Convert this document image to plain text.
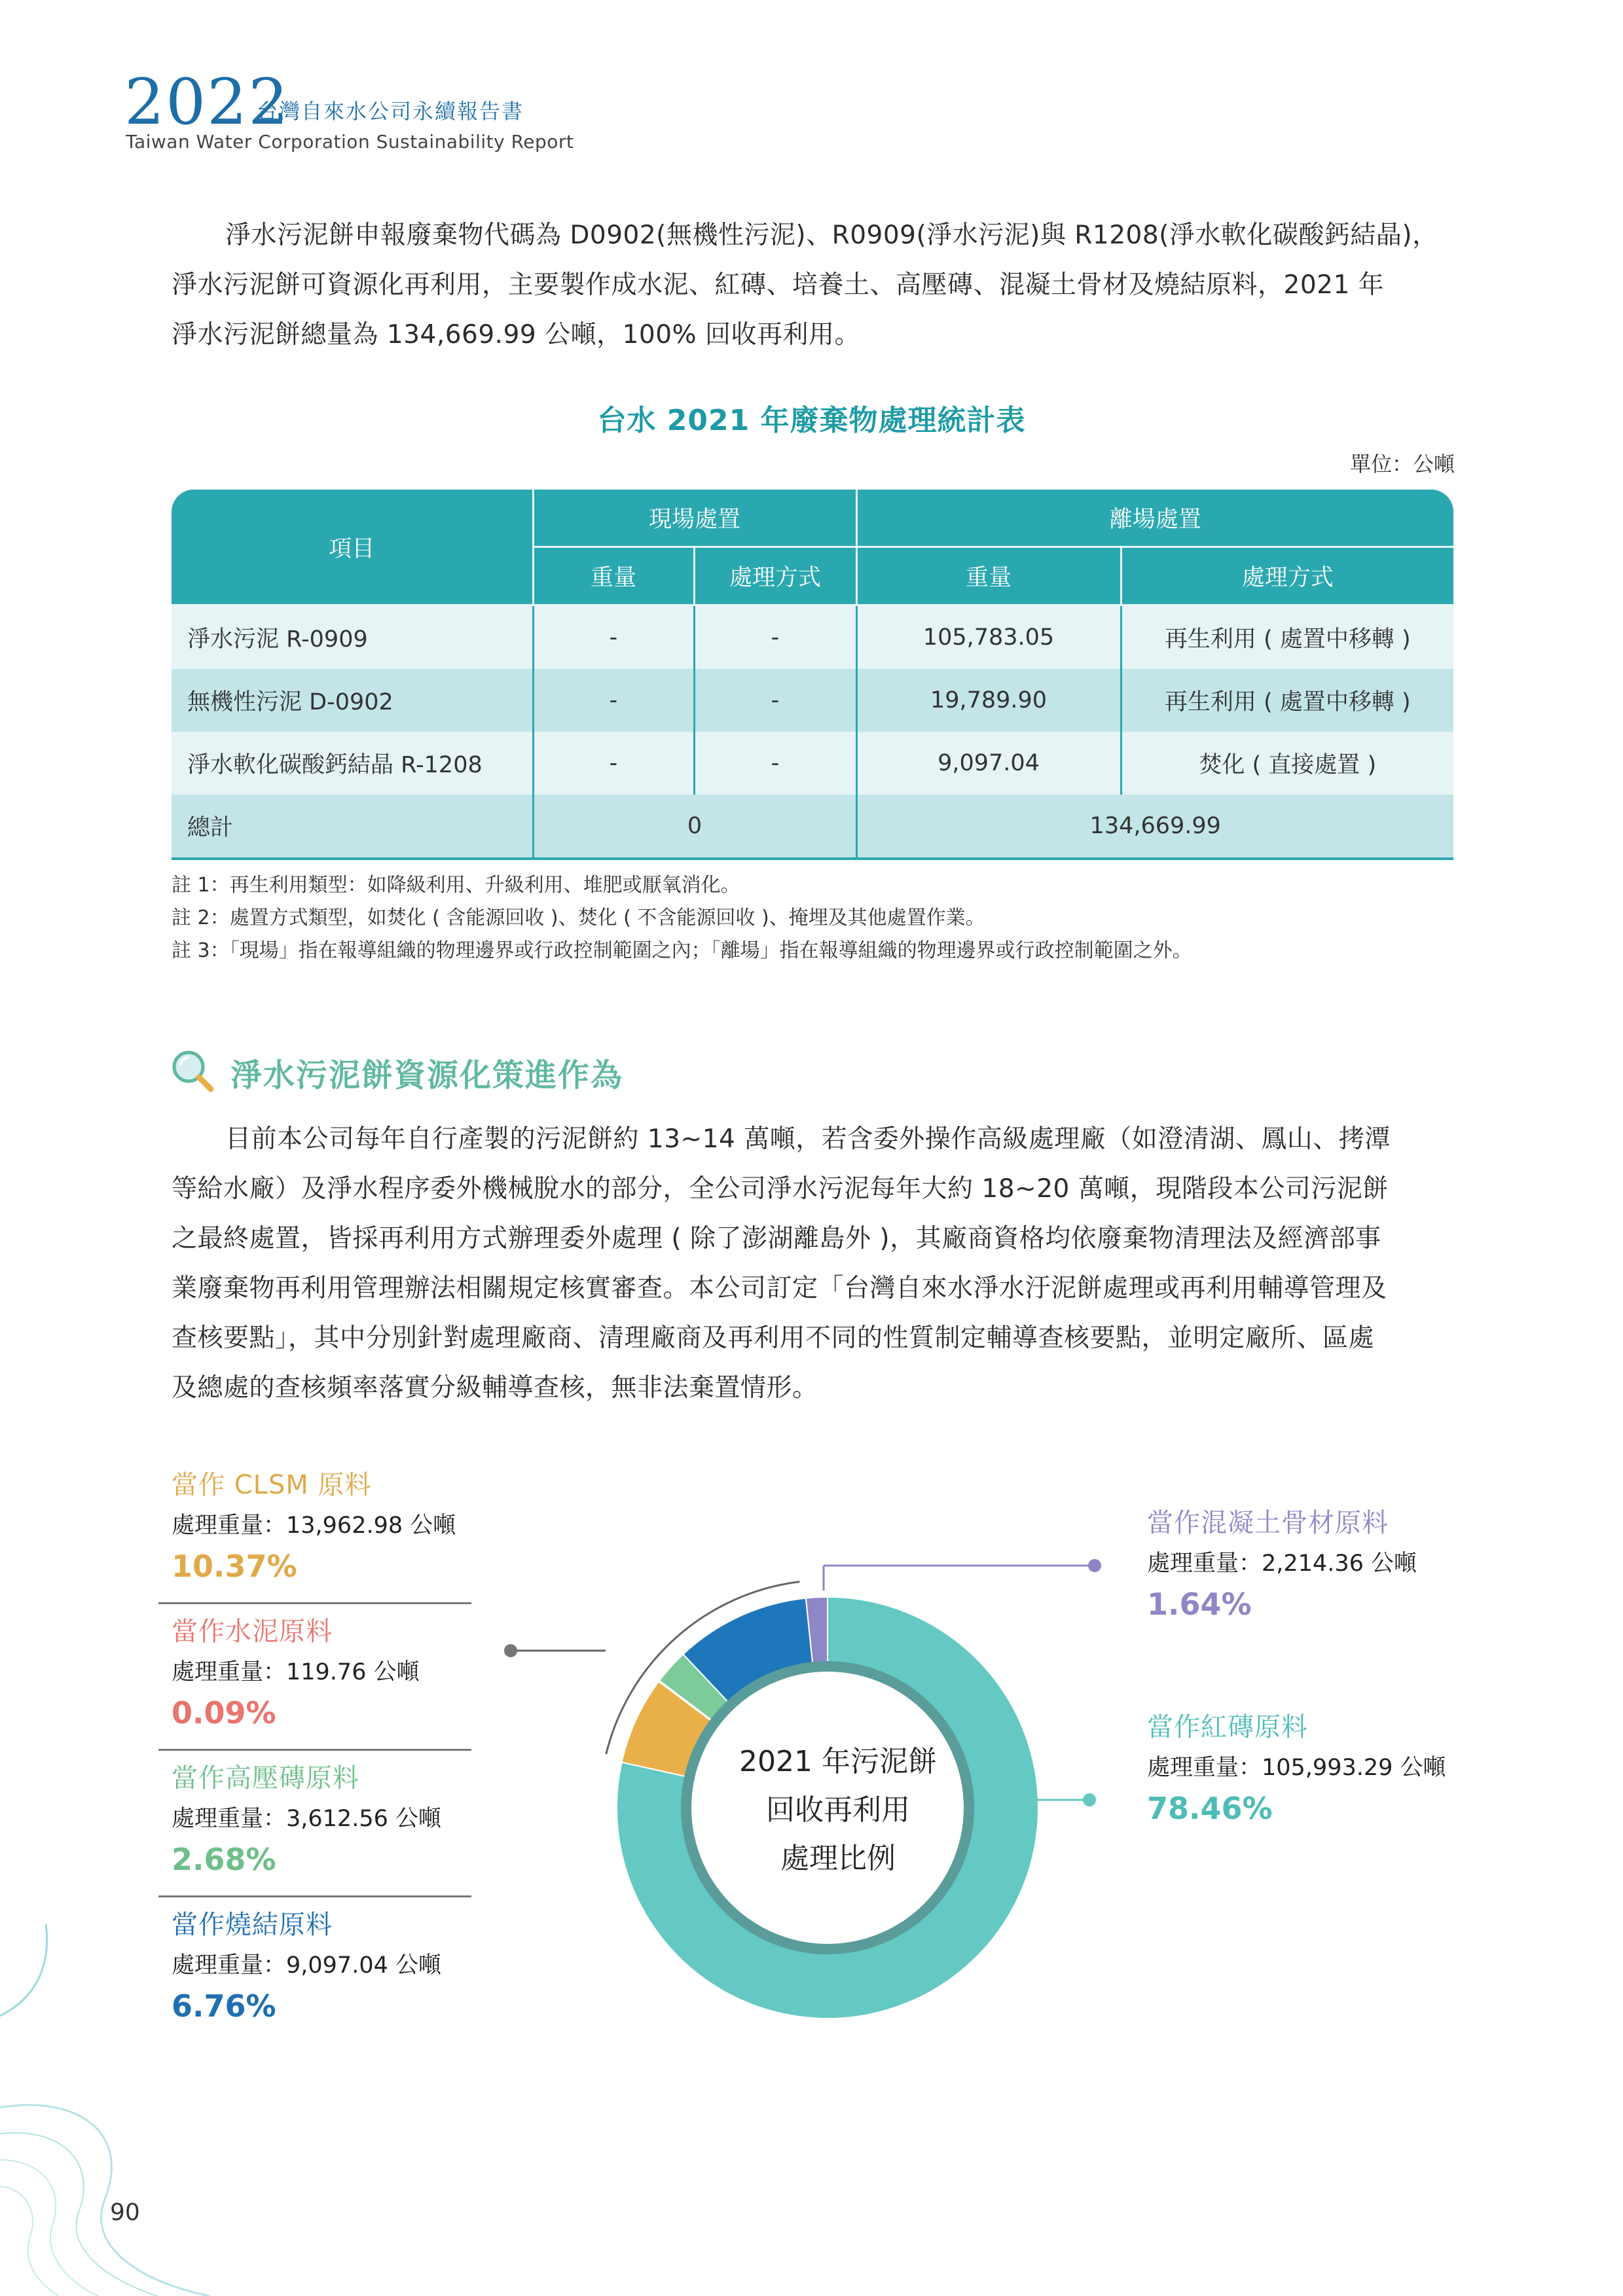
2022
台灣自來水公司永續報告書
Taiwan Water Corporation Sustainability Report
淨水污泥餅申報廢棄物代碼為 D0902(無機性污泥)、R0909(淨水污泥)與 R1208(淨水軟化碳酸鈣結晶)，
淨水污泥餅可資源化再利用，主要製作成水泥、紅磚、培養土、高壓磚、混凝土骨材及燒結原料，2021 年
淨水污泥餅總量為 134,669.99 公噸，100% 回收再利用。
台水 2021 年廢棄物處理統計表
單位：公噸
項目	現場處置		離場處置	
	重量	處理方式	重量	處理方式
淨水污泥 R-0909	-	-	105,783.05	再生利用 ( 處置中移轉 )
無機性污泥 D-0902	-	-	19,789.90	再生利用 ( 處置中移轉 )
淨水軟化碳酸鈣結晶 R-1208	-	-	9,097.04	焚化 ( 直接處置 )
總計	0		134,669.99	
註 1：再生利用類型：如降級利用、升級利用、堆肥或厭氧消化。
註 2：處置方式類型，如焚化 ( 含能源回收 )、焚化 ( 不含能源回收 )、掩埋及其他處置作業。
註 3：「現場」指在報導組織的物理邊界或行政控制範圍之內；「離場」指在報導組織的物理邊界或行政控制範圍之外。
淨水污泥餅資源化策進作為
目前本公司每年自行產製的污泥餅約 13~14 萬噸，若含委外操作高級處理廠（如澄清湖、鳳山、拷潭
等給水廠）及淨水程序委外機械脫水的部分，全公司淨水污泥每年大約 18~20 萬噸，現階段本公司污泥餅
之最終處置，皆採再利用方式辦理委外處理 ( 除了澎湖離島外 )，其廠商資格均依廢棄物清理法及經濟部事
業廢棄物再利用管理辦法相關規定核實審查。本公司訂定「台灣自來水淨水汙泥餅處理或再利用輔導管理及
查核要點」，其中分別針對處理廠商、清理廠商及再利用不同的性質制定輔導查核要點，並明定廠所、區處
及總處的查核頻率落實分級輔導查核，無非法棄置情形。
2021 年污泥餅
回收再利用
處理比例
當作 CLSM 原料
處理重量：13,962.98 公噸
10.37%
當作水泥原料
處理重量：119.76 公噸
0.09%
當作高壓磚原料
處理重量：3,612.56 公噸
2.68%
當作燒結原料
處理重量：9,097.04 公噸
6.76%
當作混凝土骨材原料
處理重量：2,214.36 公噸
1.64%
當作紅磚原料
處理重量：105,993.29 公噸
78.46%
90
